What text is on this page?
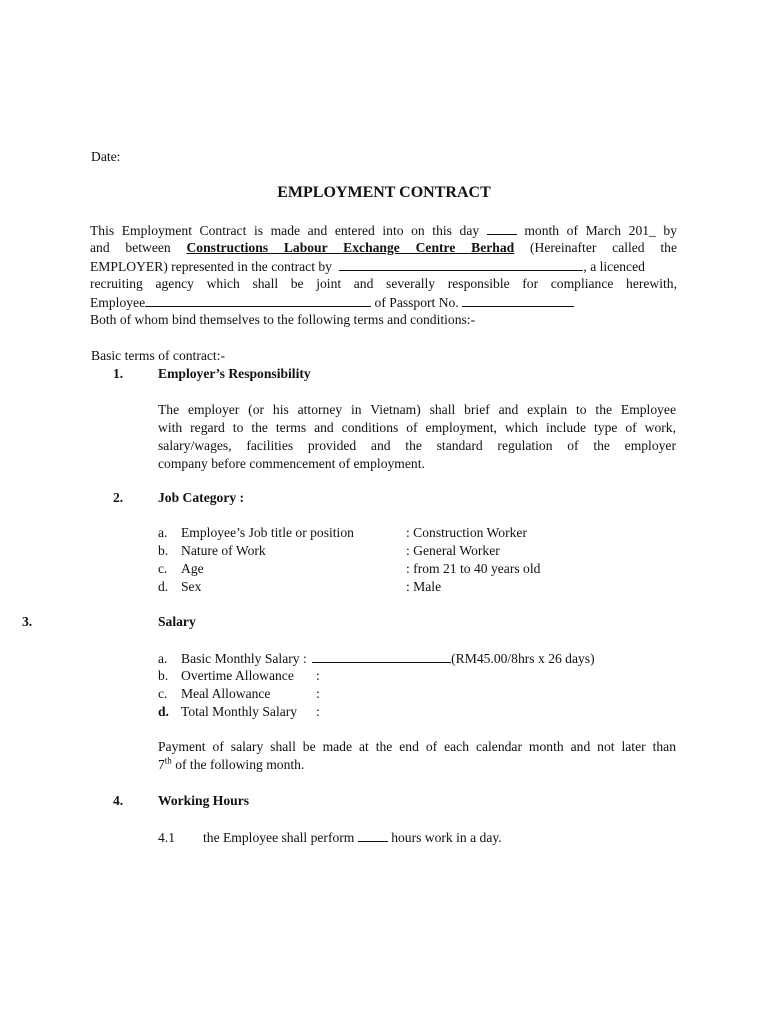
Date:
EMPLOYMENT CONTRACT
This Employment Contract is made and entered into on this day	month of March 201_ by
and between Constructions Labour Exchange Centre Berhad (Hereinafter called the
EMPLOYER) represented in the contract by	, a licenced
recruiting agency which shall be joint and severally responsible for compliance herewith,
Employee	of Passport No.
Both of whom bind themselves to the following terms and conditions:-
Basic terms of contract:-
1.	Employer’s Responsibility
The employer (or his attorney in Vietnam) shall brief and explain to the Employee
with regard to the terms and conditions of employment, which include type of work,
salary/wages, facilities provided and the standard regulation of the employer
company before commencement of employment.
2.	Job Category :
a. Employee’s Job title or position	: Construction Worker
b. Nature of Work	: General Worker
c. Age	: from 21 to 40 years old
d. Sex	: Male
3.	Salary
a. Basic Monthly Salary :	(RM45.00/8hrs x 26 days)
b. Overtime Allowance :
c. Meal Allowance	:
d. Total Monthly Salary :
Payment of salary shall be made at the end of each calendar month and not later than
7th of the following month.
4.	Working Hours
4.1 the Employee shall perform	hours work in a day.
